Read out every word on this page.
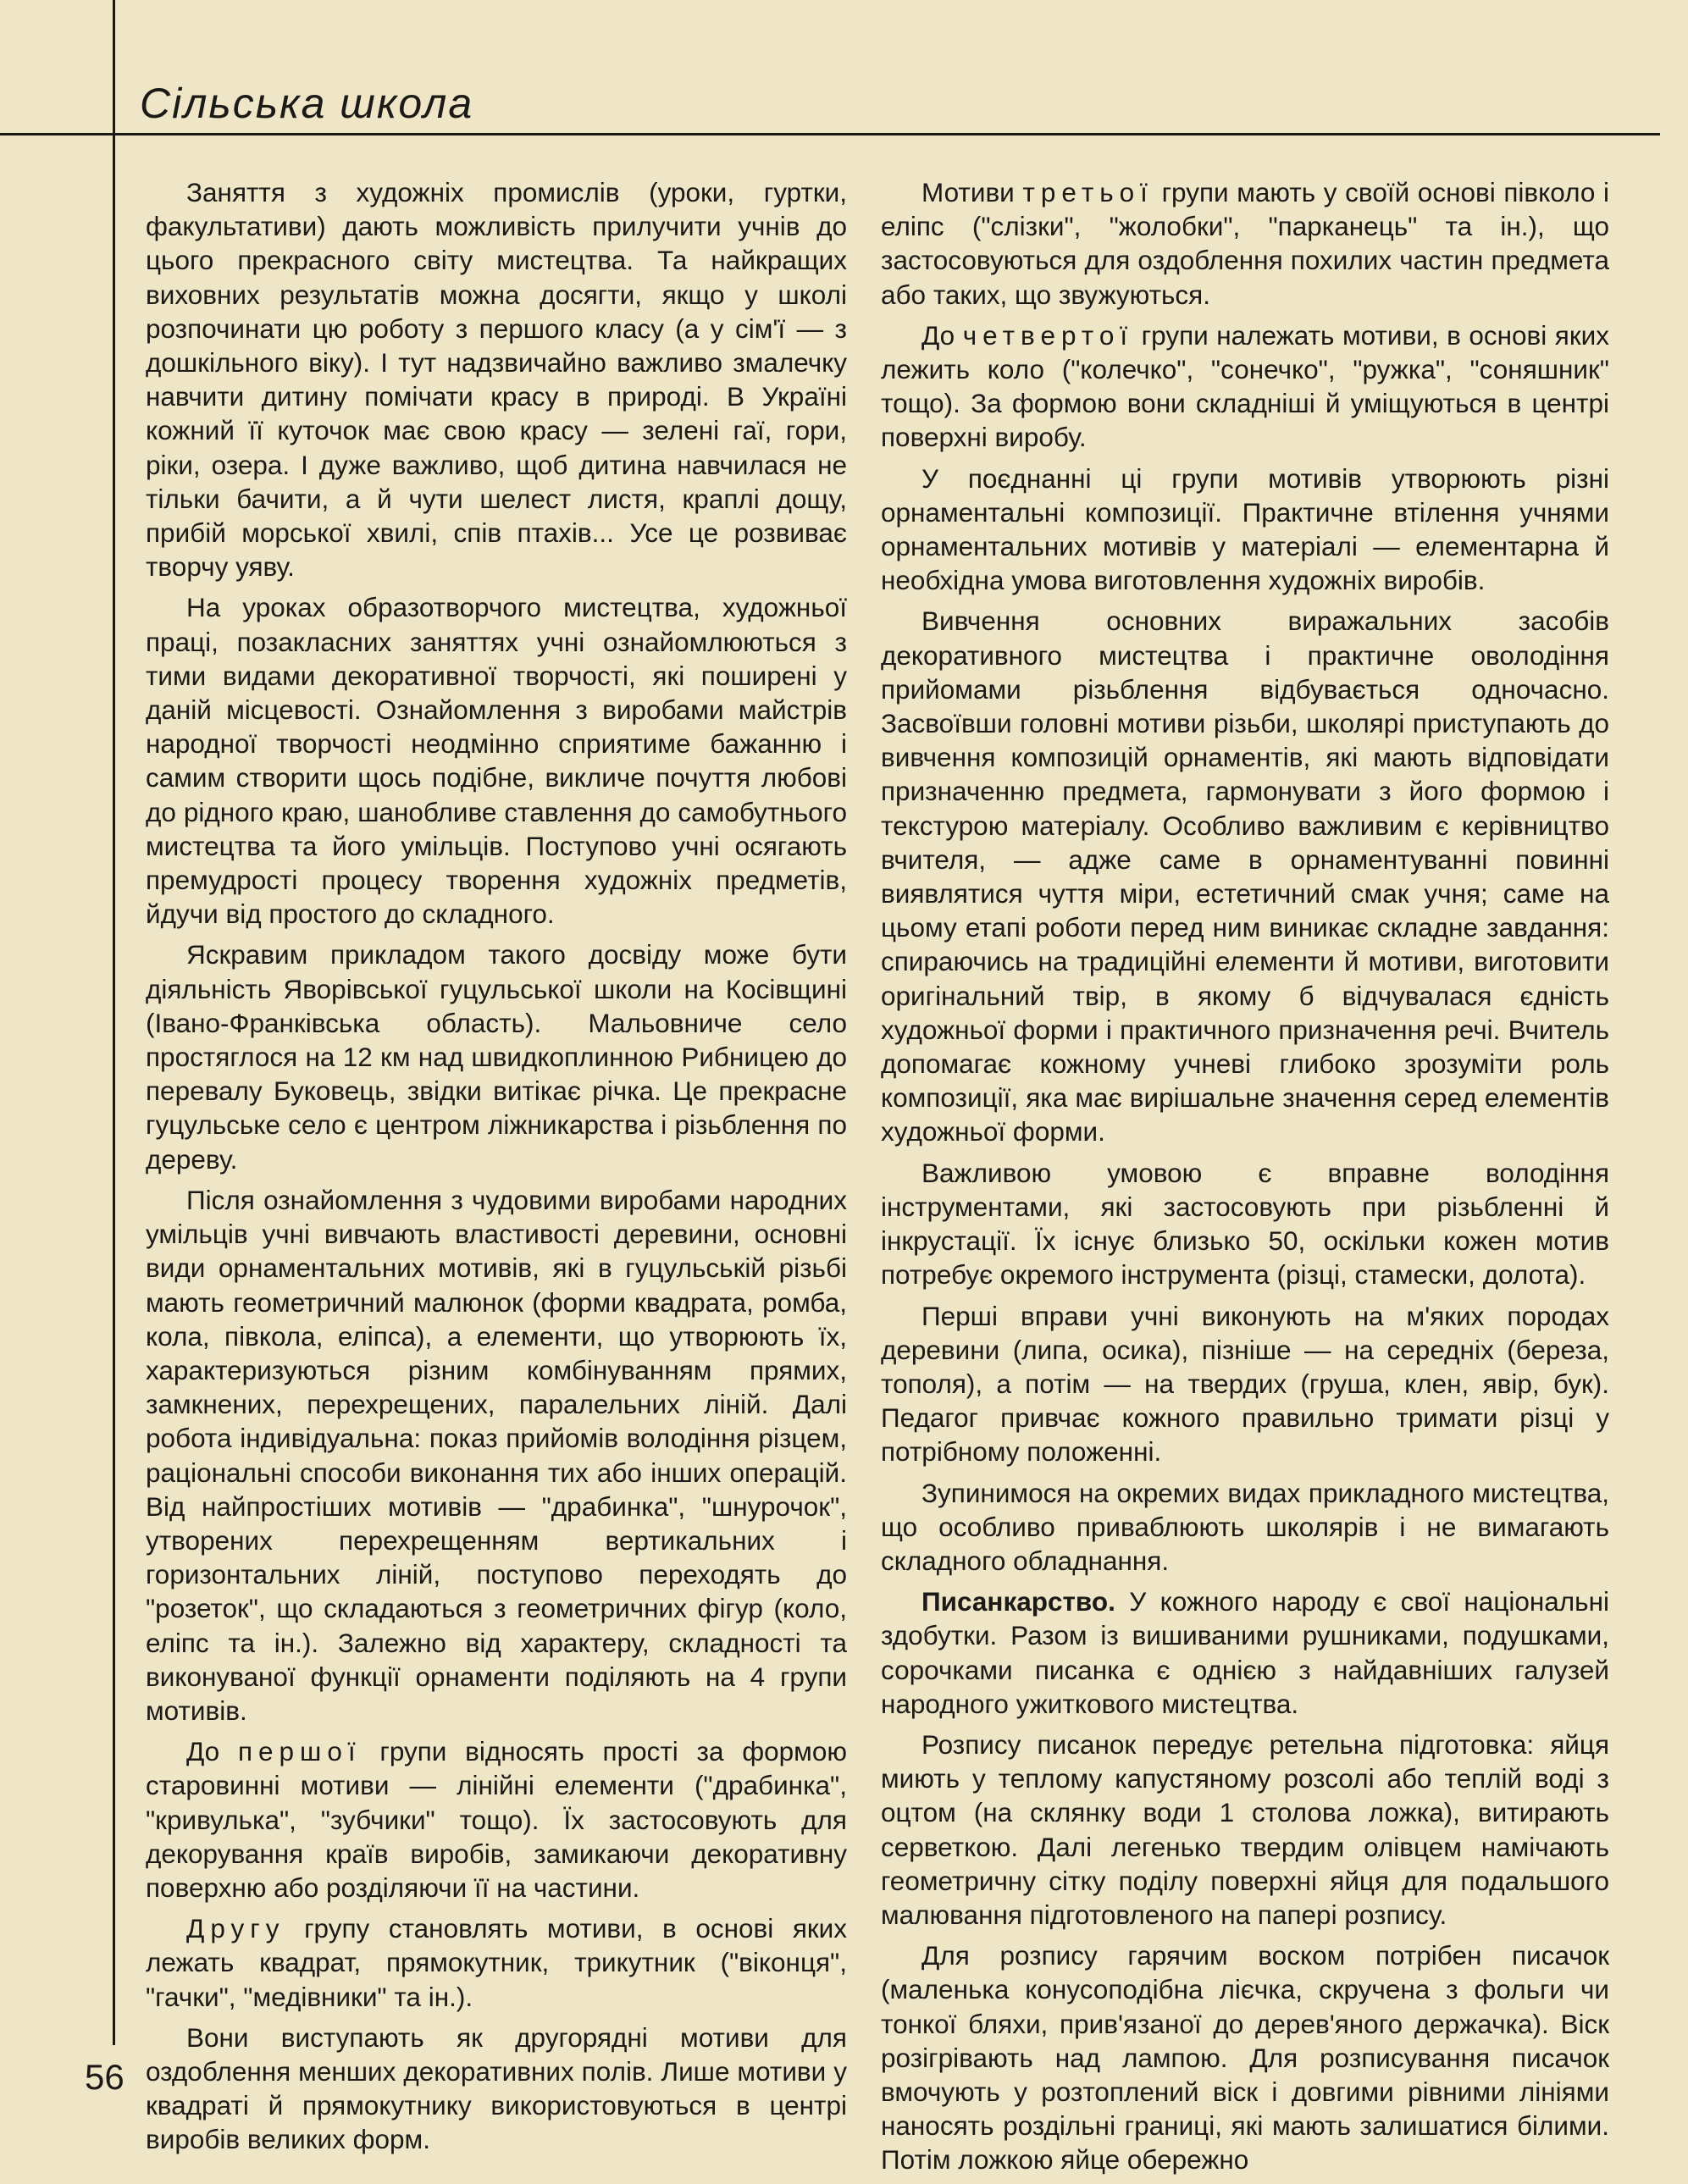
Сільська школа

Заняття з художніх промислів (уроки, гуртки, факультативи) дають можливість прилучити учнів до цього прекрасного світу мистецтва. Та найкращих виховних результатів можна досягти, якщо у школі розпочинати цю роботу з першого класу (а у сім'ї — з дошкільного віку). І тут надзвичайно важливо змалечку навчити дитину помічати красу в природі. В Україні кожний її куточок має свою красу — зелені гаї, гори, ріки, озера. І дуже важливо, щоб дитина навчилася не тільки бачити, а й чути шелест листя, краплі дощу, прибій морської хвилі, спів птахів... Усе це розвиває творчу уяву.

На уроках образотворчого мистецтва, художньої праці, позакласних заняттях учні ознайомлюються з тими видами декоративної творчості, які поширені у даній місцевості. Ознайомлення з виробами майстрів народної творчості неодмінно сприятиме бажанню і самим створити щось подібне, викличе почуття любові до рідного краю, шанобливе ставлення до самобутнього мистецтва та його умільців. Поступово учні осягають премудрості процесу творення художніх предметів, йдучи від простого до складного.

Яскравим прикладом такого досвіду може бути діяльність Яворівської гуцульської школи на Косівщині (Івано-Франківська область). Мальовниче село простяглося на 12 км над швидкоплинною Рибницею до перевалу Буковець, звідки витікає річка. Це прекрасне гуцульське село є центром ліжникарства і різьблення по дереву.

Після ознайомлення з чудовими виробами народних умільців учні вивчають властивості деревини, основні види орнаментальних мотивів, які в гуцульській різьбі мають геометричний малюнок (форми квадрата, ромба, кола, півкола, еліпса), а елементи, що утворюють їх, характеризуються різним комбінуванням прямих, замкнених, перехрещених, паралельних ліній. Далі робота індивідуальна: показ прийомів володіння різцем, раціональні способи виконання тих або інших операцій. Від найпростіших мотивів — "драбинка", "шнурочок", утворених перехрещенням вертикальних і горизонтальних ліній, поступово переходять до "розеток", що складаються з геометричних фігур (коло, еліпс та ін.). Залежно від характеру, складності та виконуваної функції орнаменти поділяють на 4 групи мотивів.

До першої групи відносять прості за формою старовинні мотиви — лінійні елементи ("драбинка", "кривулька", "зубчики" тощо). Їх застосовують для декорування країв виробів, замикаючи декоративну поверхню або розділяючи її на частини.

Другу групу становлять мотиви, в основі яких лежать квадрат, прямокутник, трикутник ("віконця", "гачки", "медівники" та ін.).

Вони виступають як другорядні мотиви для оздоблення менших декоративних полів. Лише мотиви у квадраті й прямокутнику використовуються в центрі виробів великих форм.

Мотиви третьої групи мають у своїй основі півколо і еліпс ("слізки", "жолобки", "парканець" та ін.), що застосовуються для оздоблення похилих частин предмета або таких, що звужуються.

До четвертої групи належать мотиви, в основі яких лежить коло ("колечко", "сонечко", "ружка", "соняшник" тощо). За формою вони складніші й уміщуються в центрі поверхні виробу.

У поєднанні ці групи мотивів утворюють різні орнаментальні композиції. Практичне втілення учнями орнаментальних мотивів у матеріалі — елементарна й необхідна умова виготовлення художніх виробів.

Вивчення основних виражальних засобів декоративного мистецтва і практичне оволодіння прийомами різьблення відбувається одночасно. Засвоївши головні мотиви різьби, школярі приступають до вивчення композицій орнаментів, які мають відповідати призначенню предмета, гармонувати з його формою і текстурою матеріалу. Особливо важливим є керівництво вчителя, — адже саме в орнаментуванні повинні виявлятися чуття міри, естетичний смак учня; саме на цьому етапі роботи перед ним виникає складне завдання: спираючись на традиційні елементи й мотиви, виготовити оригінальний твір, в якому б відчувалася єдність художньої форми і практичного призначення речі. Вчитель допомагає кожному учневі глибоко зрозуміти роль композиції, яка має вирішальне значення серед елементів художньої форми.

Важливою умовою є вправне володіння інструментами, які застосовують при різьбленні й інкрустації. Їх існує близько 50, оскільки кожен мотив потребує окремого інструмента (різці, стамески, долота).

Перші вправи учні виконують на м'яких породах деревини (липа, осика), пізніше — на середніх (береза, тополя), а потім — на твердих (груша, клен, явір, бук). Педагог привчає кожного правильно тримати різці у потрібному положенні.

Зупинимося на окремих видах прикладного мистецтва, що особливо приваблюють школярів і не вимагають складного обладнання.

Писанкарство. У кожного народу є свої національні здобутки. Разом із вишиваними рушниками, подушками, сорочками писанка є однією з найдавніших галузей народного ужиткового мистецтва.

Розпису писанок передує ретельна підготовка: яйця миють у теплому капустяному розсолі або теплій воді з оцтом (на склянку води 1 столова ложка), витирають серветкою. Далі легенько твердим олівцем намічають геометричну сітку поділу поверхні яйця для подальшого малювання підготовленого на папері розпису.

Для розпису гарячим воском потрібен писачок (маленька конусоподібна лієчка, скручена з фольги чи тонкої бляхи, прив'язаної до дерев'яного держачка). Віск розігрівають над лампою. Для розписування писачок вмочують у розтоплений віск і довгими рівними лініями наносять роздільні границі, які мають залишатися білими. Потім ложкою яйце обережно

56
